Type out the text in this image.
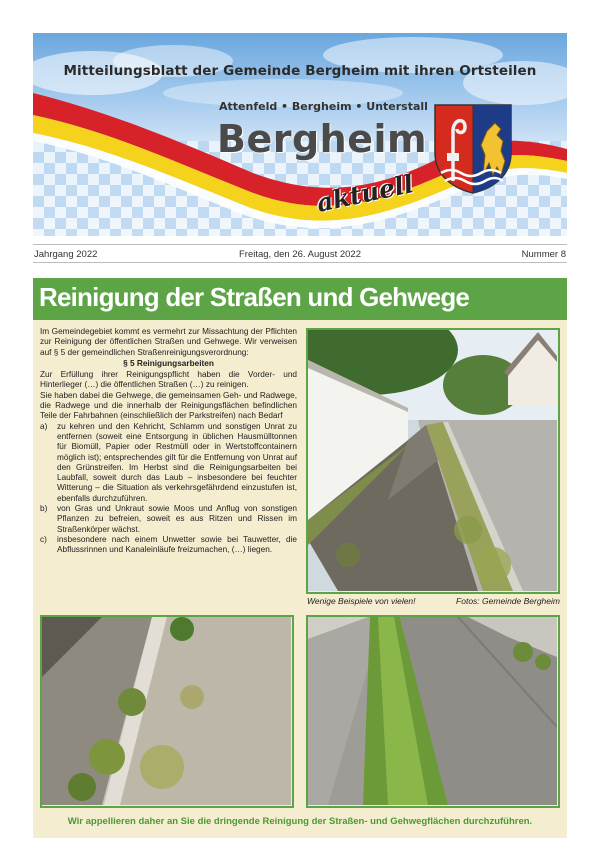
Mitteilungsblatt der Gemeinde Bergheim mit ihren Ortsteilen
Attenfeld • Bergheim • Unterstall
Bergheim
aktuell
Jahrgang 2022	Freitag, den 26. August 2022	Nummer 8
Reinigung der Straßen und Gehwege

Im Gemeindegebiet kommt es vermehrt zur Missachtung der Pflichten zur Reinigung der öffentlichen Straßen und Gehwege. Wir verweisen auf § 5 der gemeindlichen Straßenreinigungsverordnung:

§ 5 Reinigungsarbeiten

Zur Erfüllung ihrer Reinigungspflicht haben die Vorder- und Hinterlieger (…) die öffentlichen Straßen (…) zu reinigen.

Sie haben dabei die Gehwege, die gemeinsamen Geh- und Radwege, die Radwege und die innerhalb der Reinigungsflächen befindlichen Teile der Fahrbahnen (einschließlich der Parkstreifen) nach Bedarf

a)	zu kehren und den Kehricht, Schlamm und sonstigen Unrat zu entfernen (soweit eine Entsorgung in üblichen Hausmülltonnen für Biomüll, Papier oder Restmüll oder in Wertstoffcontainern möglich ist); entsprechendes gilt für die Entfernung von Unrat auf den Grünstreifen. Im Herbst sind die Reinigungsarbeiten bei Laubfall, soweit durch das Laub – insbesondere bei feuchter Witterung – die Situation als verkehrsgefährdend einzustufen ist, ebenfalls durchzuführen.
b)	von Gras und Unkraut sowie Moos und Anflug von sonstigen Pflanzen zu befreien, soweit es aus Ritzen und Rissen im Straßenkörper wächst.
c)	insbesondere nach einem Unwetter sowie bei Tauwetter, die Abflussrinnen und Kanaleinläufe freizumachen, (…) liegen.
Wenige Beispiele von vielen!	Fotos: Gemeinde Bergheim
Wir appellieren daher an Sie die dringende Reinigung der Straßen- und Gehwegflächen durchzuführen.
